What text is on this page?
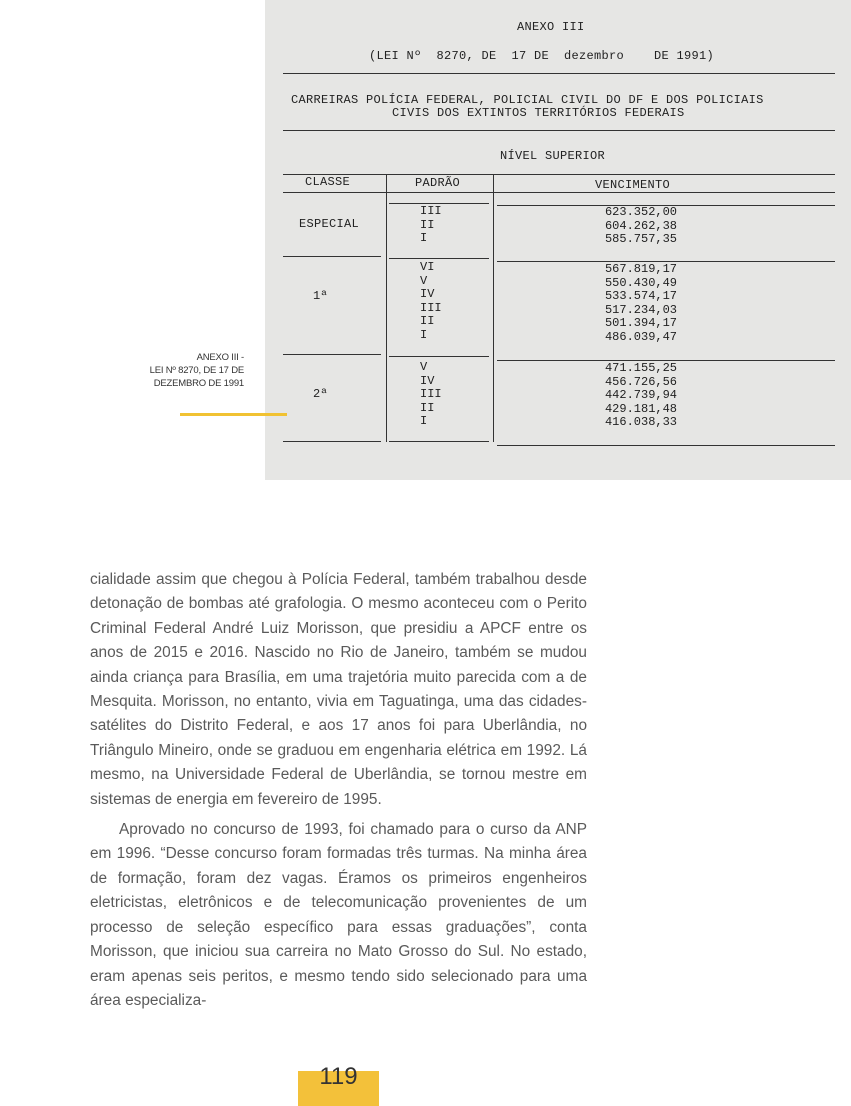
ANEXO III
(LEI Nº  8270, DE  17 DE  dezembro    DE 1991)
CARREIRAS POLÍCIA FEDERAL, POLICIAL CIVIL DO DF E DOS POLICIAIS
CIVIS DOS EXTINTOS TERRITÓRIOS FEDERAIS
NÍVEL SUPERIOR
CLASSE	PADRÃO	VENCIMENTO
ESPECIAL
III
II
I
623.352,00
604.262,38
585.757,35
1ª
VI
V
IV
III
II
I
567.819,17
550.430,49
533.574,17
517.234,03
501.394,17
486.039,47
2ª
V
IV
III
II
I
471.155,25
456.726,56
442.739,94
429.181,48
416.038,33
ANEXO III -
LEI Nº 8270, DE 17 DE
DEZEMBRO DE 1991

cialidade assim que chegou à Polícia Federal, também trabalhou desde detonação de bombas até grafologia. O mesmo aconteceu com o Perito Criminal Federal André Luiz Morisson, que presidiu a APCF entre os anos de 2015 e 2016. Nascido no Rio de Janeiro, também se mudou ainda criança para Brasília, em uma trajetória muito parecida com a de Mesquita. Morisson, no entanto, vivia em Taguatinga, uma das cidades-satélites do Distrito Federal, e aos 17 anos foi para Uberlândia, no Triângulo Mineiro, onde se graduou em engenharia elétrica em 1992. Lá mesmo, na Universidade Federal de Uberlândia, se tornou mestre em sistemas de energia em fevereiro de 1995.

Aprovado no concurso de 1993, foi chamado para o curso da ANP em 1996. “Desse concurso foram formadas três turmas. Na minha área de formação, foram dez vagas. Éramos os primeiros engenheiros eletricistas, eletrônicos e de telecomunicação provenientes de um processo de seleção específico para essas graduações”, conta Morisson, que iniciou sua carreira no Mato Grosso do Sul. No estado, eram apenas seis peritos, e mesmo tendo sido selecionado para uma área especializa-

119
